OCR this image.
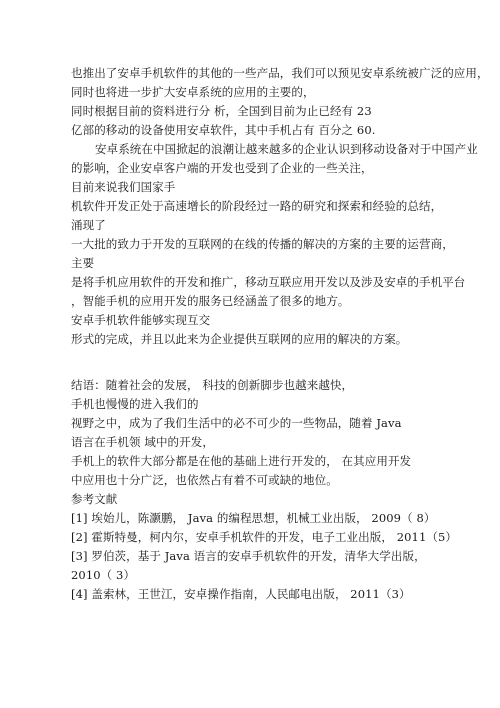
也推出了安卓手机软件的其他的一些产品，我们可以预见安卓系统被广泛的应用，
同时也将进一步扩大安卓系统的应用的主要的，
同时根据目前的资料进行分 析，全国到目前为止已经有 23
亿部的移动的设备使用安卓软件，其中手机占有 百分之 60.
安卓系统在中国掀起的浪潮让越来越多的企业认识到移动设备对于中国产业
的影响，企业安卓客户端的开发也受到了企业的一些关注，
目前来说我们国家手
机软件开发正处于高速增长的阶段经过一路的研究和探索和经验的总结，
涌现了
一大批的致力于开发的互联网的在线的传播的解决的方案的主要的运营商，
主要
是将手机应用软件的开发和推广，移动互联应用开发以及涉及安卓的手机平台
，智能手机的应用开发的服务已经涵盖了很多的地方。
安卓手机软件能够实现互交
形式的完成，并且以此来为企业提供互联网的应用的解决的方案。
结语：随着社会的发展， 科技的创新脚步也越来越快，
手机也慢慢的进入我们的
视野之中，成为了我们生活中的必不可少的一些物品，随着 Java
语言在手机领 域中的开发，
手机上的软件大部分都是在他的基础上进行开发的， 在其应用开发
中应用也十分广泛，也依然占有着不可或缺的地位。
参考文献
[1] 埃始儿，陈灏鹏， Java 的编程思想，机械工业出版， 2009（ 8）
[2] 霍斯特曼，柯内尔，安卓手机软件的开发，电子工业出版， 2011（5）
[3] 罗伯茨，基于 Java 语言的安卓手机软件的开发，清华大学出版，
2010（ 3）
[4] 盖索林，王世江，安卓操作指南，人民邮电出版， 2011（3）
